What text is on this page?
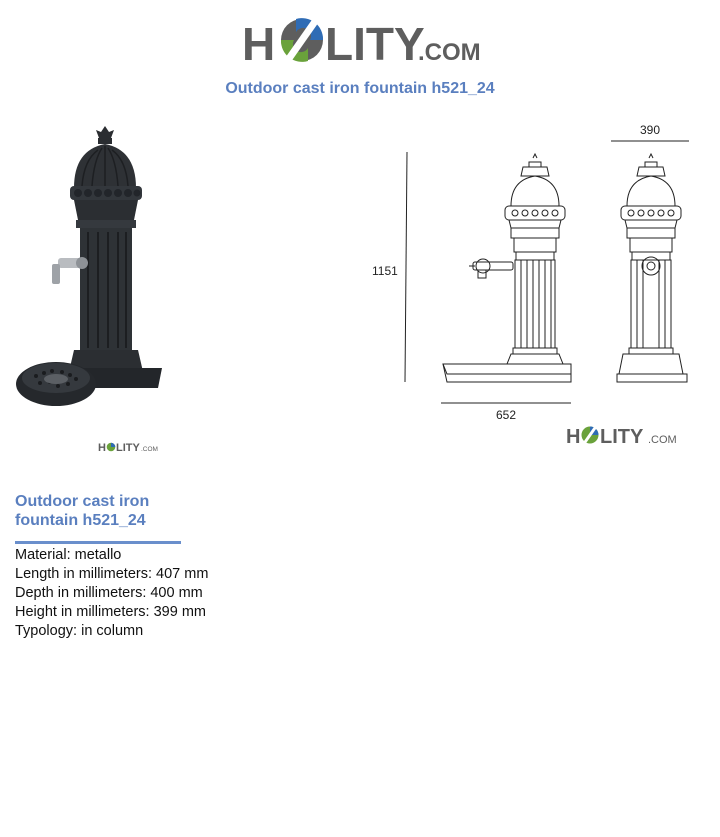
H LITY
.COM
Outdoor cast iron fountain h521_24
H LITY .COM
390
1151
652
H LITY .COM
Outdoor cast iron fountain h521_24
Material: metallo
Length in millimeters: 407 mm
Depth in millimeters: 400 mm
Height in millimeters: 399 mm
Typology: in column
